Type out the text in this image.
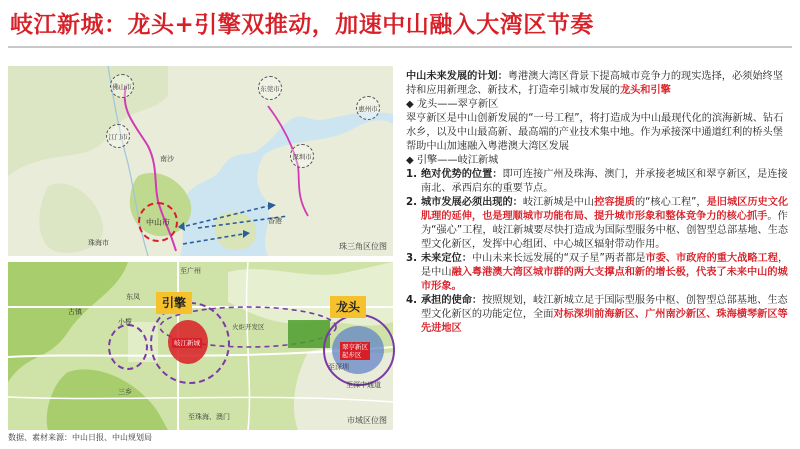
岐江新城：龙头+引擎双推动，加速中山融入大湾区节奏
佛山市	东莞市
江门市
深圳市
惠州市
中山市
南沙
香港
珠海市	珠三角区位图
引擎	龙头
岐江新城	翠亨新区
起步区
火炬开发区
至广州
至深圳
至珠海、澳门
小榄
古镇
东凤
三乡
至深中通道
市域区位图

中山未来发展的计划：粤港澳大湾区背景下提高城市竞争力的现实选择，必须始终坚持和应用新理念、新技术，打造牵引城市发展的龙头和引擎

◆ 龙头——翠亨新区

翠亨新区是中山创新发展的“一号工程”，将打造成为中山最现代化的滨海新城、钻石水乡，以及中山最高新、最高端的产业技术集中地。作为承接深中通道红利的桥头堡帮助中山加速融入粤港澳大湾区发展

◆ 引擎——岐江新城

1. 绝对优势的位置：即可连接广州及珠海、澳门，并承接老城区和翠亨新区，是连接南北、承西启东的重要节点。

2. 城市发展必须出现的：岐江新城是中山控容提质的“核心工程”，是旧城区历史文化肌理的延伸，也是理顺城市功能布局、提升城市形象和整体竞争力的核心抓手。作为“强心”工程，岐江新城要尽快打造成为国际型服务中枢、创智型总部基地、生态型文化新区，发挥中心组团、中心城区辐射带动作用。

3. 未来定位：中山未来长远发展的“双子星”两者都是市委、市政府的重大战略工程，是中山融入粤港澳大湾区城市群的两大支撑点和新的增长极，代表了未来中山的城市形象。

4. 承担的使命：按照规划，岐江新城立足于国际型服务中枢、创智型总部基地、生态型文化新区的功能定位，全面对标深圳前海新区、广州南沙新区、珠海横琴新区等先进地区

数据、素材来源：中山日报、中山规划局
